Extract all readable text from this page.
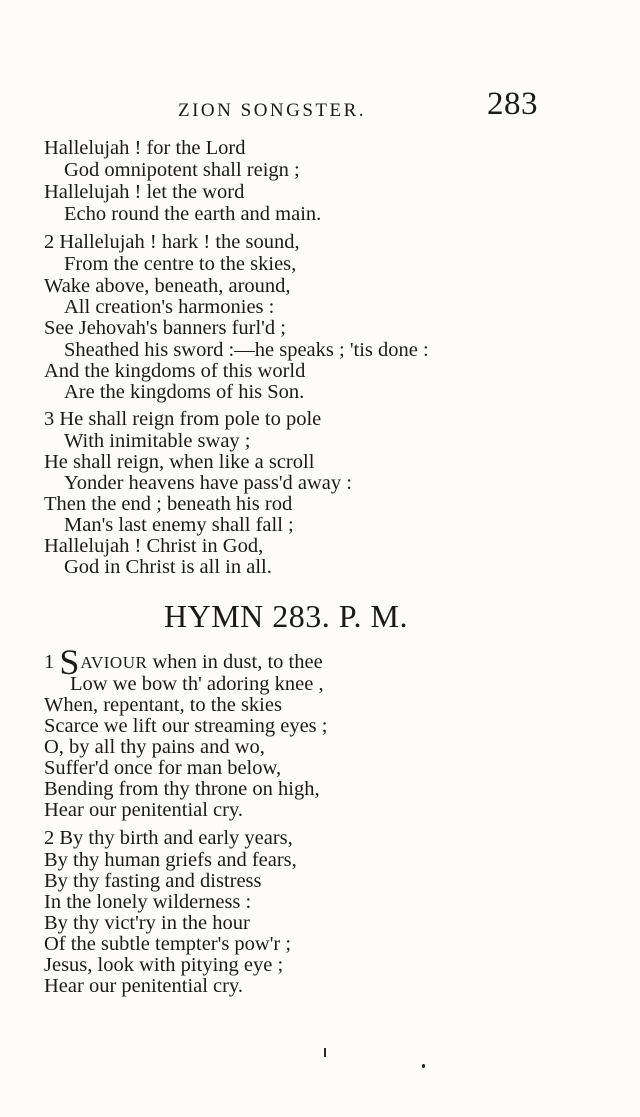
ZION SONGSTER.	283
Hallelujah ! for the Lord
God omnipotent shall reign ;
Hallelujah ! let the word
Echo round the earth and main.
2 Hallelujah ! hark ! the sound,
From the centre to the skies,
Wake above, beneath, around,
All creation's harmonies :
See Jehovah's banners furl'd ;
Sheathed his sword :—he speaks ; 'tis done :
And the kingdoms of this world
Are the kingdoms of his Son.
3 He shall reign from pole to pole
With inimitable sway ;
He shall reign, when like a scroll
Yonder heavens have pass'd away :
Then the end ; beneath his rod
Man's last enemy shall fall ;
Hallelujah ! Christ in God,
God in Christ is all in all.
HYMN 283. P. M.
1 SAVIOUR when in dust, to thee
Low we bow th' adoring knee ,
When, repentant, to the skies
Scarce we lift our streaming eyes ;
O, by all thy pains and wo,
Suffer'd once for man below,
Bending from thy throne on high,
Hear our penitential cry.
2 By thy birth and early years,
By thy human griefs and fears,
By thy fasting and distress
In the lonely wilderness :
By thy vict'ry in the hour
Of the subtle tempter's pow'r ;
Jesus, look with pitying eye ;
Hear our penitential cry.
